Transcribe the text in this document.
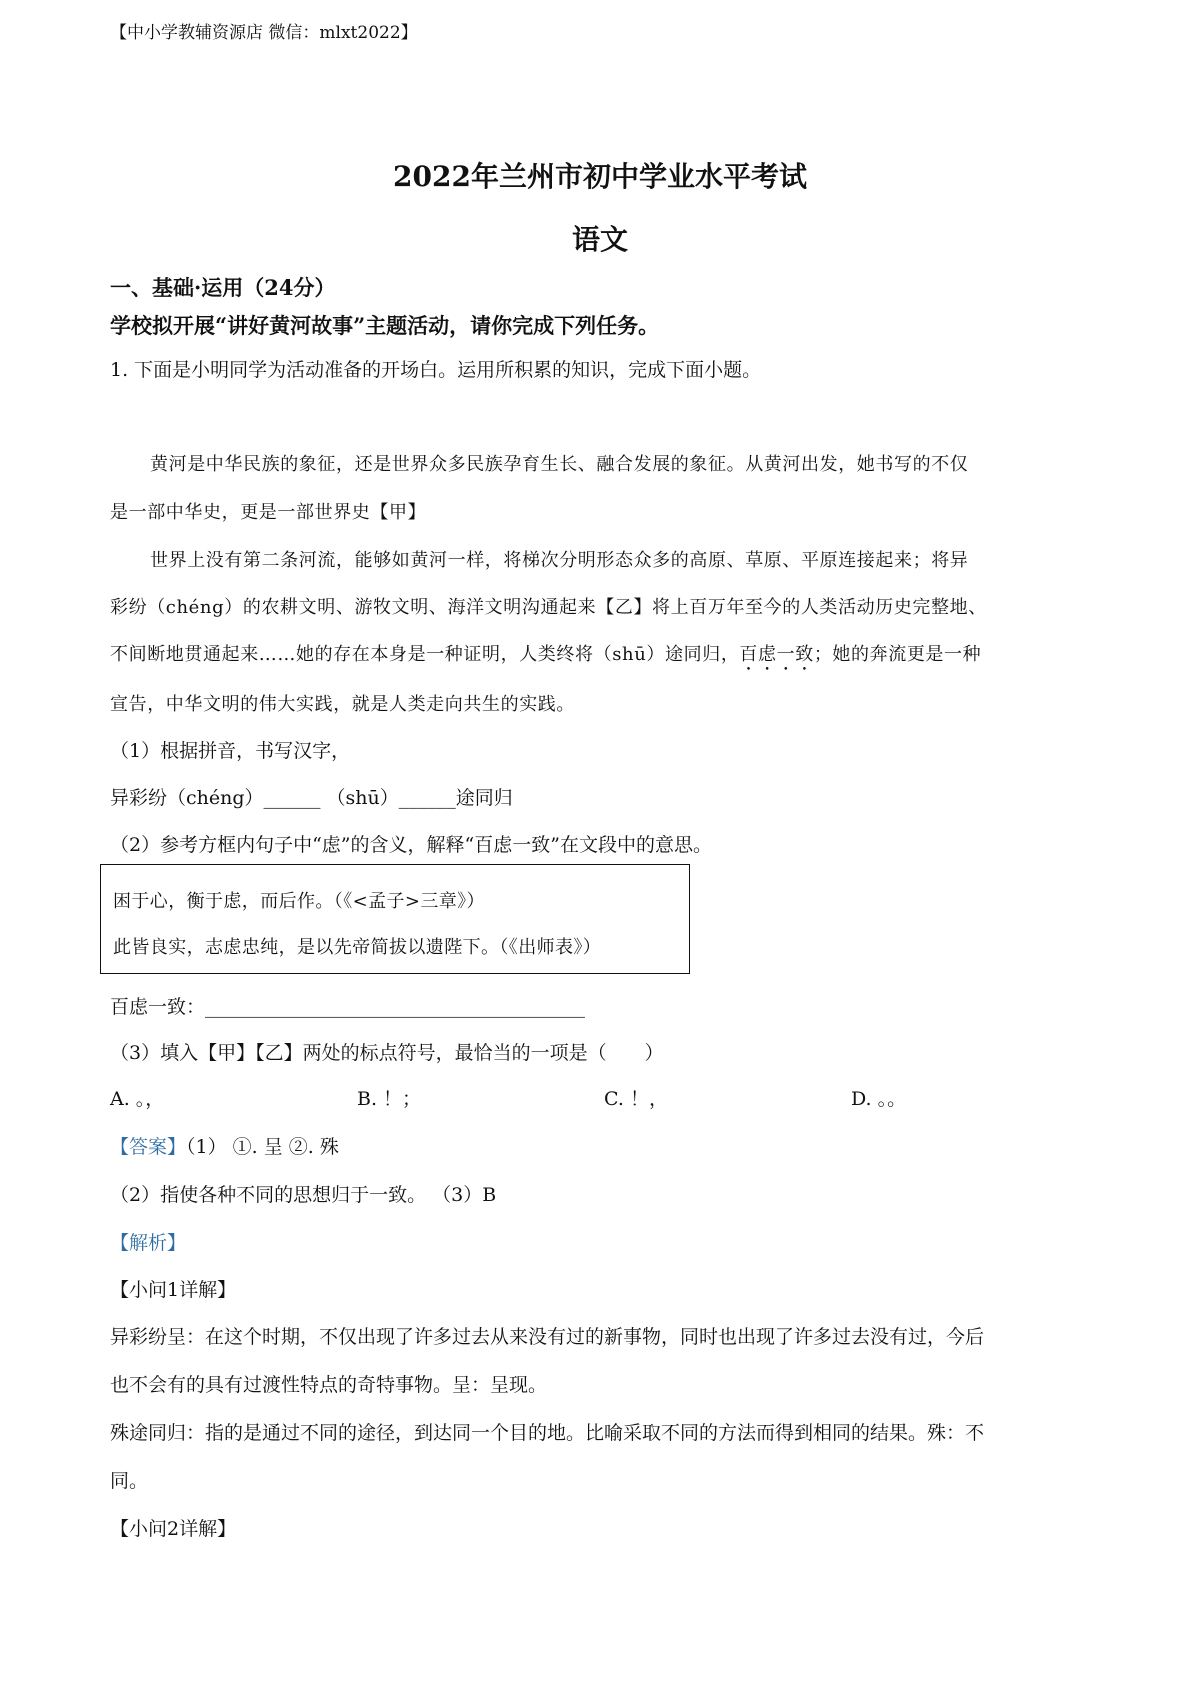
【中小学教辅资源店 微信：mlxt2022】
2022年兰州市初中学业水平考试
语文
一、基础·运用（24分）
学校拟开展“讲好黄河故事”主题活动，请你完成下列任务。
1. 下面是小明同学为活动准备的开场白。运用所积累的知识，完成下面小题。
黄河是中华民族的象征，还是世界众多民族孕育生长、融合发展的象征。从黄河出发，她书写的不仅
是一部中华史，更是一部世界史【甲】
世界上没有第二条河流，能够如黄河一样，将梯次分明形态众多的高原、草原、平原连接起来；将异
彩纷（chéng）的农耕文明、游牧文明、海洋文明沟通起来【乙】将上百万年至今的人类活动历史完整地、
不间断地贯通起来……她的存在本身是一种证明，人类终将（shū）途同归，百虑一致；她的奔流更是一种
宣告，中华文明的伟大实践，就是人类走向共生的实践。
（1）根据拼音，书写汉字，
异彩纷（chéng）______ （shū）______途同归
（2）参考方框内句子中“虑”的含义，解释“百虑一致”在文段中的意思。
困于心，衡于虑，而后作。（《<孟子>三章》）
此皆良实，志虑忠纯，是以先帝简拔以遗陛下。（《出师表》）
百虑一致：________________________________________
（3）填入【甲】【乙】两处的标点符号，最恰当的一项是（　　）
A. 。，	B. ！；	C. ！，	D. 。。
【答案】（1） ①. 呈 ②. 殊
（2）指使各种不同的思想归于一致。 （3）B
【解析】
【小问1详解】
异彩纷呈：在这个时期，不仅出现了许多过去从来没有过的新事物，同时也出现了许多过去没有过，今后
也不会有的具有过渡性特点的奇特事物。呈：呈现。
殊途同归：指的是通过不同的途径，到达同一个目的地。比喻采取不同的方法而得到相同的结果。殊：不
同。
【小问2详解】
